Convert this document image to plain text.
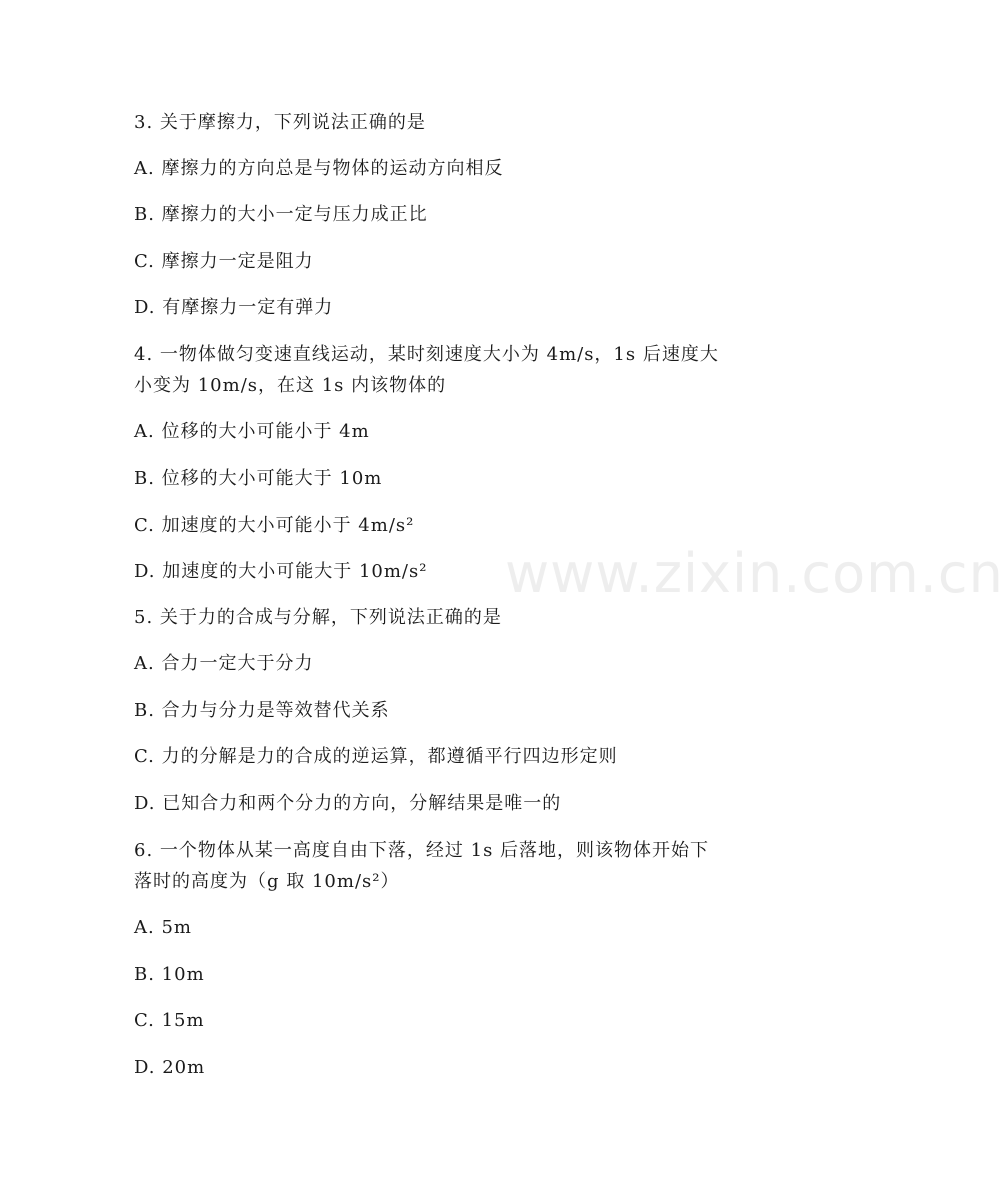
www.zixin.com.cn
3. 关于摩擦力，下列说法正确的是
A. 摩擦力的方向总是与物体的运动方向相反
B. 摩擦力的大小一定与压力成正比
C. 摩擦力一定是阻力
D. 有摩擦力一定有弹力
4. 一物体做匀变速直线运动，某时刻速度大小为 4m/s，1s 后速度大
小变为 10m/s，在这 1s 内该物体的
A. 位移的大小可能小于 4m
B. 位移的大小可能大于 10m
C. 加速度的大小可能小于 4m/s²
D. 加速度的大小可能大于 10m/s²
5. 关于力的合成与分解，下列说法正确的是
A. 合力一定大于分力
B. 合力与分力是等效替代关系
C. 力的分解是力的合成的逆运算，都遵循平行四边形定则
D. 已知合力和两个分力的方向，分解结果是唯一的
6. 一个物体从某一高度自由下落，经过 1s 后落地，则该物体开始下
落时的高度为（g 取 10m/s²）
A. 5m
B. 10m
C. 15m
D. 20m
